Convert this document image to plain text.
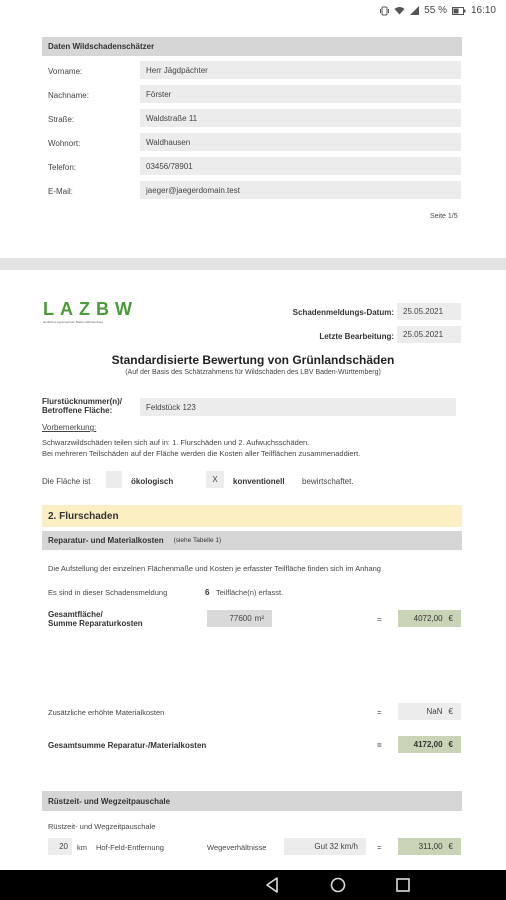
55 % 16:10
Daten Wildschadenschätzer
Vorname:	Herr Jägdpächter
Nachname:	Förster
Straße:	Waldstraße 11
Wohnort:	Waldhausen
Telefon:	03456/78901
E-Mail:	jaeger@jaegerdomain.test
Seite 1/5
LAZBW
ländliches Agrarzentrum Baden-Württemberg
Schadenmeldungs-Datum:	25.05.2021
Letzte Bearbeitung:	25.05.2021
Standardisierte Bewertung von Grünlandschäden
(Auf der Basis des Schätzrahmens für Wildschäden des LBV Baden-Württemberg)
Flurstücknummer(n)/
Betroffene Fläche:	Feldstück 123
Vorbemerkung:
Schwarzwildschäden teilen sich auf in: 1. Flurschäden und 2. Aufwuchsschäden.
Bei mehreren Teilschäden auf der Fläche werden die Kosten aller Teilflächen zusammenaddiert.
Die Fläche ist	ökologisch	X	konventionell bewirtschaftet.
2. Flurschaden
Reparatur- und Materialkosten (siehe Tabelle 1)
Die Aufstellung der einzelnen Flächenmaße und Kosten je erfasster Teilfläche finden sich im Anhang
Es sind in dieser Schadensmeldung	6 Teilfläche(n) erfasst.
Gesamtfläche/
Summe Reparaturkosten
77600 m²	=	4072,00 €
Zusätzliche erhöhte Materialkosten	=	NaN €
Gesamtsumme Reparatur-/Materialkosten	=	4172,00 €
Rüstzeit- und Wegzeitpauschale
Rüstzeit- und Wegzeitpauschale
20	km Hof-Feld-Entfernung	Wegeverhältnisse	Gut 32 km/h	=	311,00 €
